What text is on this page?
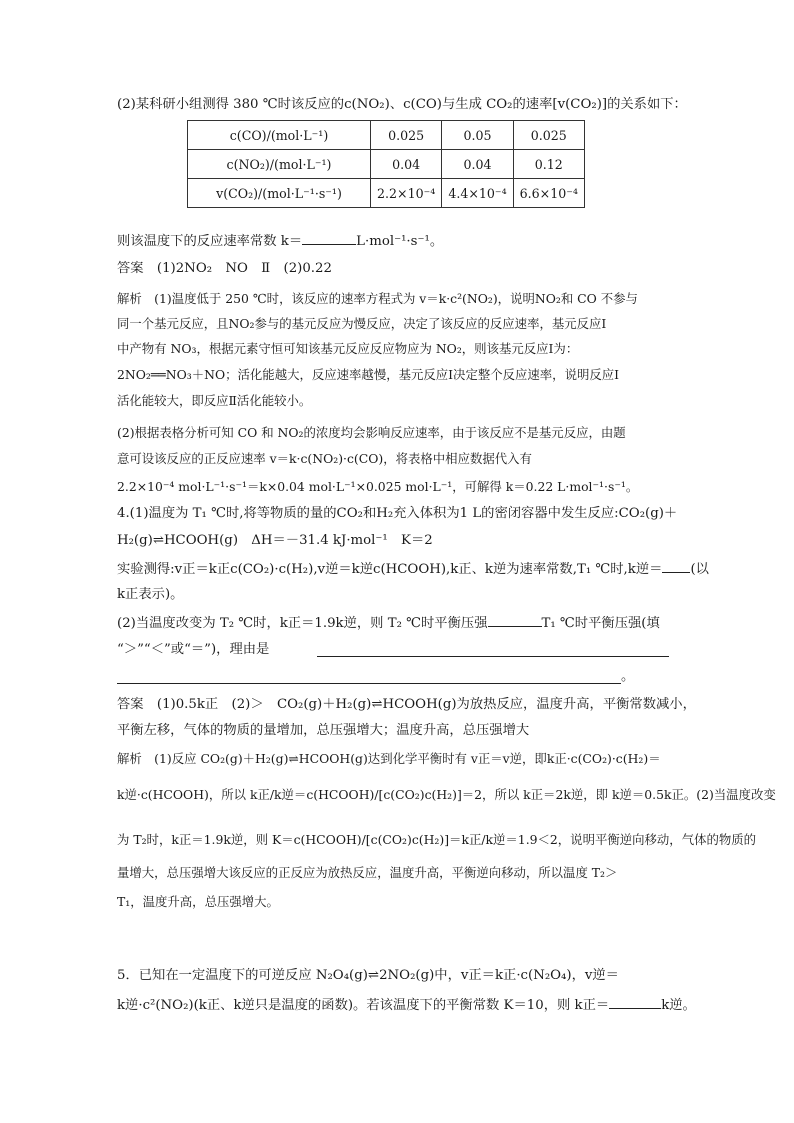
(2)某科研小组测得 380 ℃时该反应的c(NO₂)、c(CO)与生成 CO₂的速率[v(CO₂)]的关系如下：
c(CO)/(mol·L⁻¹)	0.025	0.05	0.025
c(NO₂)/(mol·L⁻¹)	0.04	0.04	0.12
v(CO₂)/(mol·L⁻¹·s⁻¹)	2.2×10⁻⁴	4.4×10⁻⁴	6.6×10⁻⁴
则该温度下的反应速率常数 k＝	L·mol⁻¹·s⁻¹。
答案　(1)2NO₂　NO　Ⅱ　(2)0.22
解析　(1)温度低于 250 ℃时，该反应的速率方程式为 v＝k·c²(NO₂)，说明NO₂和 CO 不参与
同一个基元反应，且NO₂参与的基元反应为慢反应，决定了该反应的反应速率，基元反应Ⅰ
中产物有 NO₃，根据元素守恒可知该基元反应反应物应为 NO₂，则该基元反应Ⅰ为：
2NO₂══NO₃＋NO；活化能越大，反应速率越慢，基元反应Ⅰ决定整个反应速率，说明反应Ⅰ
活化能较大，即反应Ⅱ活化能较小。
(2)根据表格分析可知 CO 和 NO₂的浓度均会影响反应速率，由于该反应不是基元反应，由题
意可设该反应的正反应速率 v＝k·c(NO₂)·c(CO)，将表格中相应数据代入有
2.2×10⁻⁴ mol·L⁻¹·s⁻¹＝k×0.04 mol·L⁻¹×0.025 mol·L⁻¹，可解得 k＝0.22 L·mol⁻¹·s⁻¹。
4.(1)温度为 T₁ ℃时,将等物质的量的CO₂和H₂充入体积为1 L的密闭容器中发生反应:CO₂(g)＋
H₂(g)⇌HCOOH(g)　ΔH＝－31.4 kJ·mol⁻¹　K＝2
实验测得:v正＝k正c(CO₂)·c(H₂),v逆＝k逆c(HCOOH),k正、k逆为速率常数,T₁ ℃时,k逆＝ (以
k正表示)。
(2)当温度改变为 T₂ ℃时，k正＝1.9k逆，则 T₂ ℃时平衡压强	T₁ ℃时平衡压强(填
“＞”“＜”或“＝”)，理由是
。
答案　(1)0.5k正　(2)＞　CO₂(g)＋H₂(g)⇌HCOOH(g)为放热反应，温度升高，平衡常数减小，
平衡左移，气体的物质的量增加，总压强增大；温度升高，总压强增大
解析　(1)反应 CO₂(g)＋H₂(g)⇌HCOOH(g)达到化学平衡时有 v正＝v逆，即k正·c(CO₂)·c(H₂)＝
k逆·c(HCOOH)，所以 k正/k逆＝c(HCOOH)/[c(CO₂)c(H₂)]＝2，所以 k正＝2k逆，即 k逆＝0.5k正。(2)当温度改变
为 T₂时，k正＝1.9k逆，则 K＝c(HCOOH)/[c(CO₂)c(H₂)]＝k正/k逆＝1.9＜2，说明平衡逆向移动，气体的物质的
量增大，总压强增大该反应的正反应为放热反应，温度升高，平衡逆向移动，所以温度 T₂＞
T₁，温度升高，总压强增大。
5．已知在一定温度下的可逆反应 N₂O₄(g)⇌2NO₂(g)中，v正＝k正·c(N₂O₄)，v逆＝
k逆·c²(NO₂)(k正、k逆只是温度的函数)。若该温度下的平衡常数 K＝10，则 k正＝	k逆。
